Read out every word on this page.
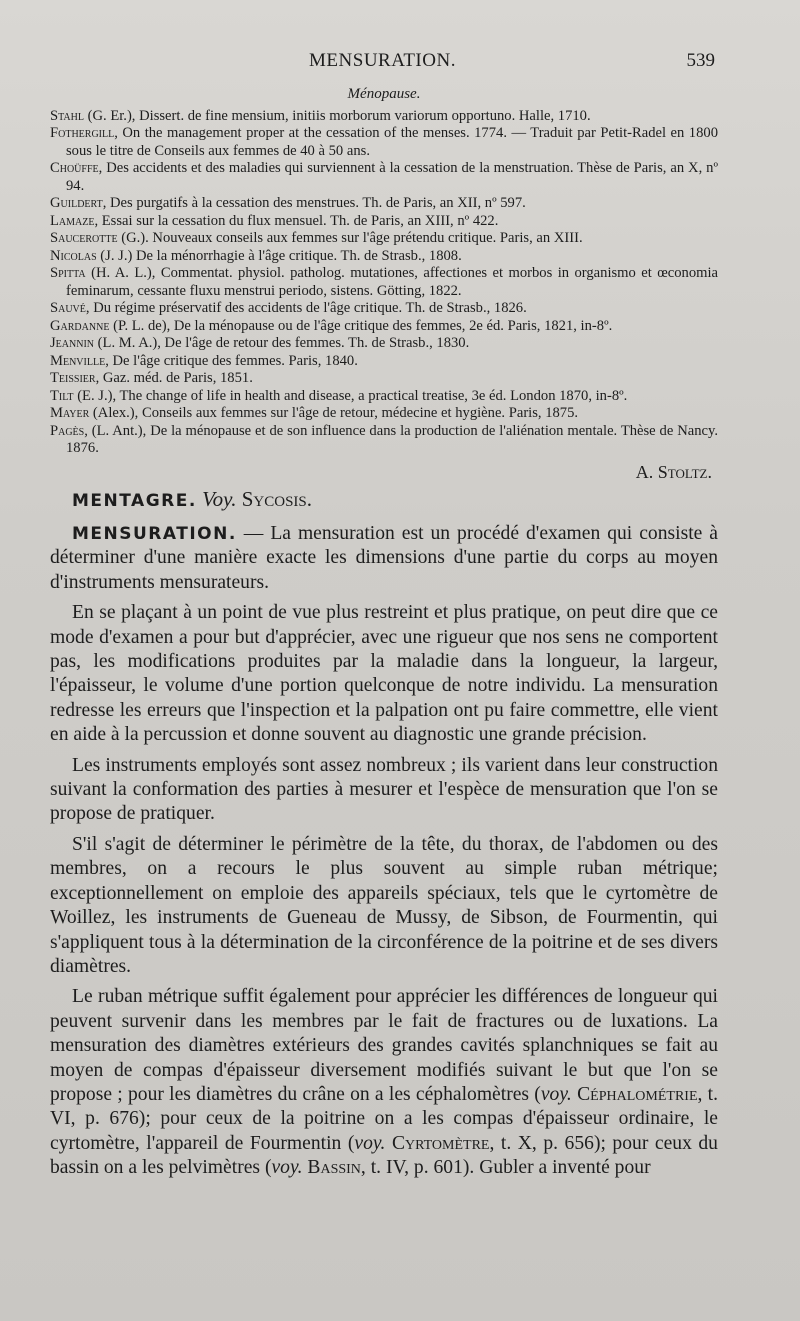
MENSURATION.	539

Ménopause.

Stahl (G. Er.), Dissert. de fine mensium, initiis morborum variorum opportuno. Halle, 1710.

Fothergill, On the management proper at the cessation of the menses. 1774. — Traduit par Petit-Radel en 1800 sous le titre de Conseils aux femmes de 40 à 50 ans.

Choüffe, Des accidents et des maladies qui surviennent à la cessation de la menstruation. Thèse de Paris, an X, nº 94.

Guildert, Des purgatifs à la cessation des menstrues. Th. de Paris, an XII, nº 597.

Lamaze, Essai sur la cessation du flux mensuel. Th. de Paris, an XIII, nº 422.

Saucerotte (G.). Nouveaux conseils aux femmes sur l'âge prétendu critique. Paris, an XIII.

Nicolas (J. J.) De la ménorrhagie à l'âge critique. Th. de Strasb., 1808.

Spitta (H. A. L.), Commentat. physiol. patholog. mutationes, affectiones et morbos in organismo et œconomia feminarum, cessante fluxu menstrui periodo, sistens. Götting, 1822.

Sauvé, Du régime préservatif des accidents de l'âge critique. Th. de Strasb., 1826.

Gardanne (P. L. de), De la ménopause ou de l'âge critique des femmes, 2e éd. Paris, 1821, in-8º.

Jeannin (L. M. A.), De l'âge de retour des femmes. Th. de Strasb., 1830.

Menville, De l'âge critique des femmes. Paris, 1840.

Teissier, Gaz. méd. de Paris, 1851.

Tilt (E. J.), The change of life in health and disease, a practical treatise, 3e éd. London 1870, in-8º.

Mayer (Alex.), Conseils aux femmes sur l'âge de retour, médecine et hygiène. Paris, 1875.

Pagès, (L. Ant.), De la ménopause et de son influence dans la production de l'aliénation mentale. Thèse de Nancy. 1876.

A. Stoltz.
MENTAGRE. Voy. Sycosis.

MENSURATION. — La mensuration est un procédé d'examen qui consiste à déterminer d'une manière exacte les dimensions d'une partie du corps au moyen d'instruments mensurateurs.

En se plaçant à un point de vue plus restreint et plus pratique, on peut dire que ce mode d'examen a pour but d'apprécier, avec une rigueur que nos sens ne comportent pas, les modifications produites par la maladie dans la longueur, la largeur, l'épaisseur, le volume d'une portion quelconque de notre individu. La mensuration redresse les erreurs que l'inspection et la palpation ont pu faire commettre, elle vient en aide à la percussion et donne souvent au diagnostic une grande précision.

Les instruments employés sont assez nombreux ; ils varient dans leur construction suivant la conformation des parties à mesurer et l'espèce de mensuration que l'on se propose de pratiquer.

S'il s'agit de déterminer le périmètre de la tête, du thorax, de l'abdomen ou des membres, on a recours le plus souvent au simple ruban métrique; exceptionnellement on emploie des appareils spéciaux, tels que le cyrtomètre de Woillez, les instruments de Gueneau de Mussy, de Sibson, de Fourmentin, qui s'appliquent tous à la détermination de la circonférence de la poitrine et de ses divers diamètres.

Le ruban métrique suffit également pour apprécier les différences de longueur qui peuvent survenir dans les membres par le fait de fractures ou de luxations. La mensuration des diamètres extérieurs des grandes cavités splanchniques se fait au moyen de compas d'épaisseur diversement modifiés suivant le but que l'on se propose ; pour les diamètres du crâne on a les céphalomètres (voy. Céphalométrie, t. VI, p. 676); pour ceux de la poitrine on a les compas d'épaisseur ordinaire, le cyrtomètre, l'appareil de Fourmentin (voy. Cyrtomètre, t. X, p. 656); pour ceux du bassin on a les pelvimètres (voy. Bassin, t. IV, p. 601). Gubler a inventé pour
